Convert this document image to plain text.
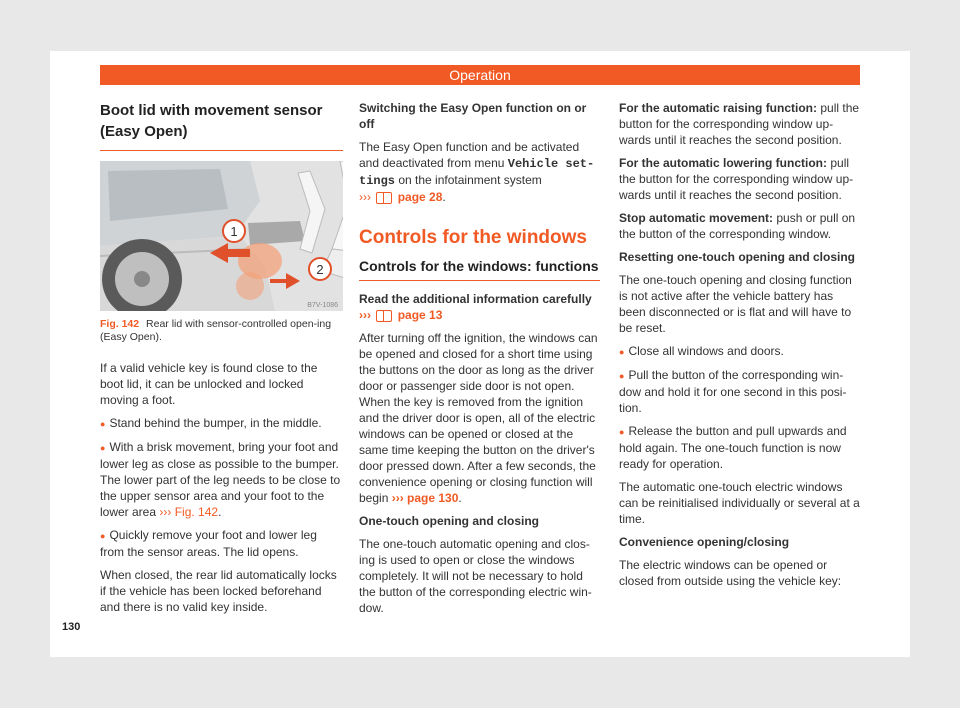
Operation
Boot lid with movement sensor
(Easy Open)
1
2
B7V-1086
Fig. 142 Rear lid with sensor-controlled open-ing (Easy Open).

If a valid vehicle key is found close to the boot lid, it can be unlocked and locked moving a foot.

● Stand behind the bumper, in the middle.

● With a brisk movement, bring your foot and lower leg as close as possible to the bumper. The lower part of the leg needs to be close to the upper sensor area and your foot to the lower area ››› Fig. 142.

● Quickly remove your foot and lower leg from the sensor areas. The lid opens.

When closed, the rear lid automatically locks if the vehicle has been locked beforehand and there is no valid key inside.

Switching the Easy Open function on or off

The Easy Open function and be activated and deactivated from menu Vehicle set-tings on the infotainment system
››› page 28.

Controls for the windows
Controls for the windows: functions

Read the additional information carefully

››› page 13

After turning off the ignition, the windows can be opened and closed for a short time using the buttons on the door as long as the driver door or passenger side door is not open. When the key is removed from the ignition and the driver door is open, all of the electric windows can be opened or closed at the same time keeping the button on the driver's door pressed down. After a few seconds, the convenience opening or closing function will begin ››› page 130.

One-touch opening and closing

The one-touch automatic opening and clos-ing is used to open or close the windows completely. It will not be necessary to hold the button of the corresponding electric win-dow.

For the automatic raising function: pull the button for the corresponding window up-wards until it reaches the second position.

For the automatic lowering function: pull the button for the corresponding window up-wards until it reaches the second position.

Stop automatic movement: push or pull on the button of the corresponding window.

Resetting one-touch opening and closing

The one-touch opening and closing function is not active after the vehicle battery has been disconnected or is flat and will have to be reset.

● Close all windows and doors.

● Pull the button of the corresponding win-dow and hold it for one second in this posi-tion.

● Release the button and pull upwards and hold again. The one-touch function is now ready for operation.

The automatic one-touch electric windows can be reinitialised individually or several at a time.

Convenience opening/closing

The electric windows can be opened or closed from outside using the vehicle key:

130
